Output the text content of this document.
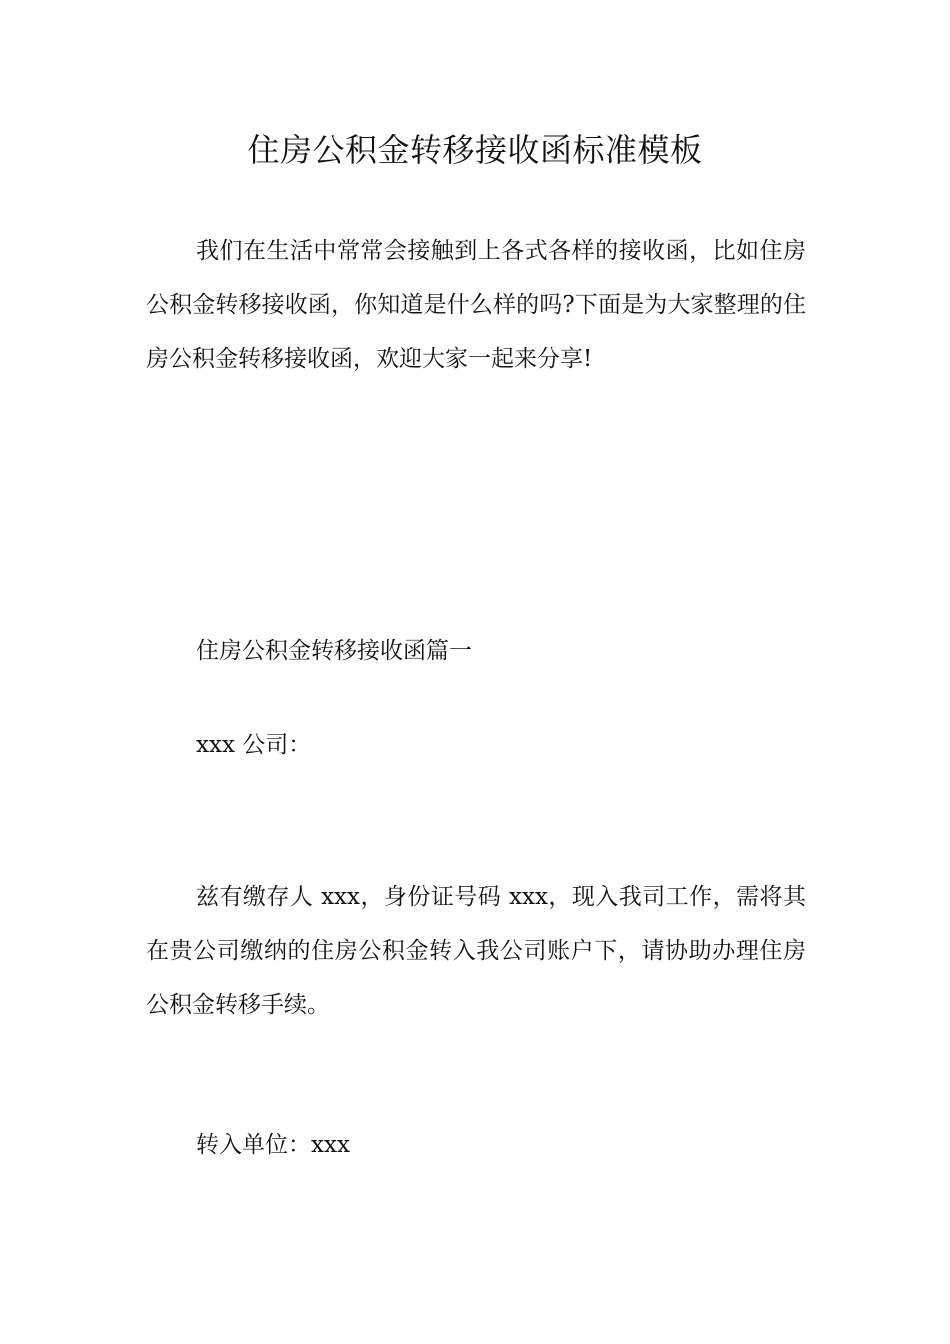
住房公积金转移接收函标准模板

我们在生活中常常会接触到上各式各样的接收函，比如住房公积金转移接收函，你知道是什么样的吗?下面是为大家整理的住房公积金转移接收函，欢迎大家一起来分享!

住房公积金转移接收函篇一

xxx 公司：

兹有缴存人 xxx，身份证号码 xxx，现入我司工作，需将其在贵公司缴纳的住房公积金转入我公司账户下，请协助办理住房公积金转移手续。

转入单位：xxx
